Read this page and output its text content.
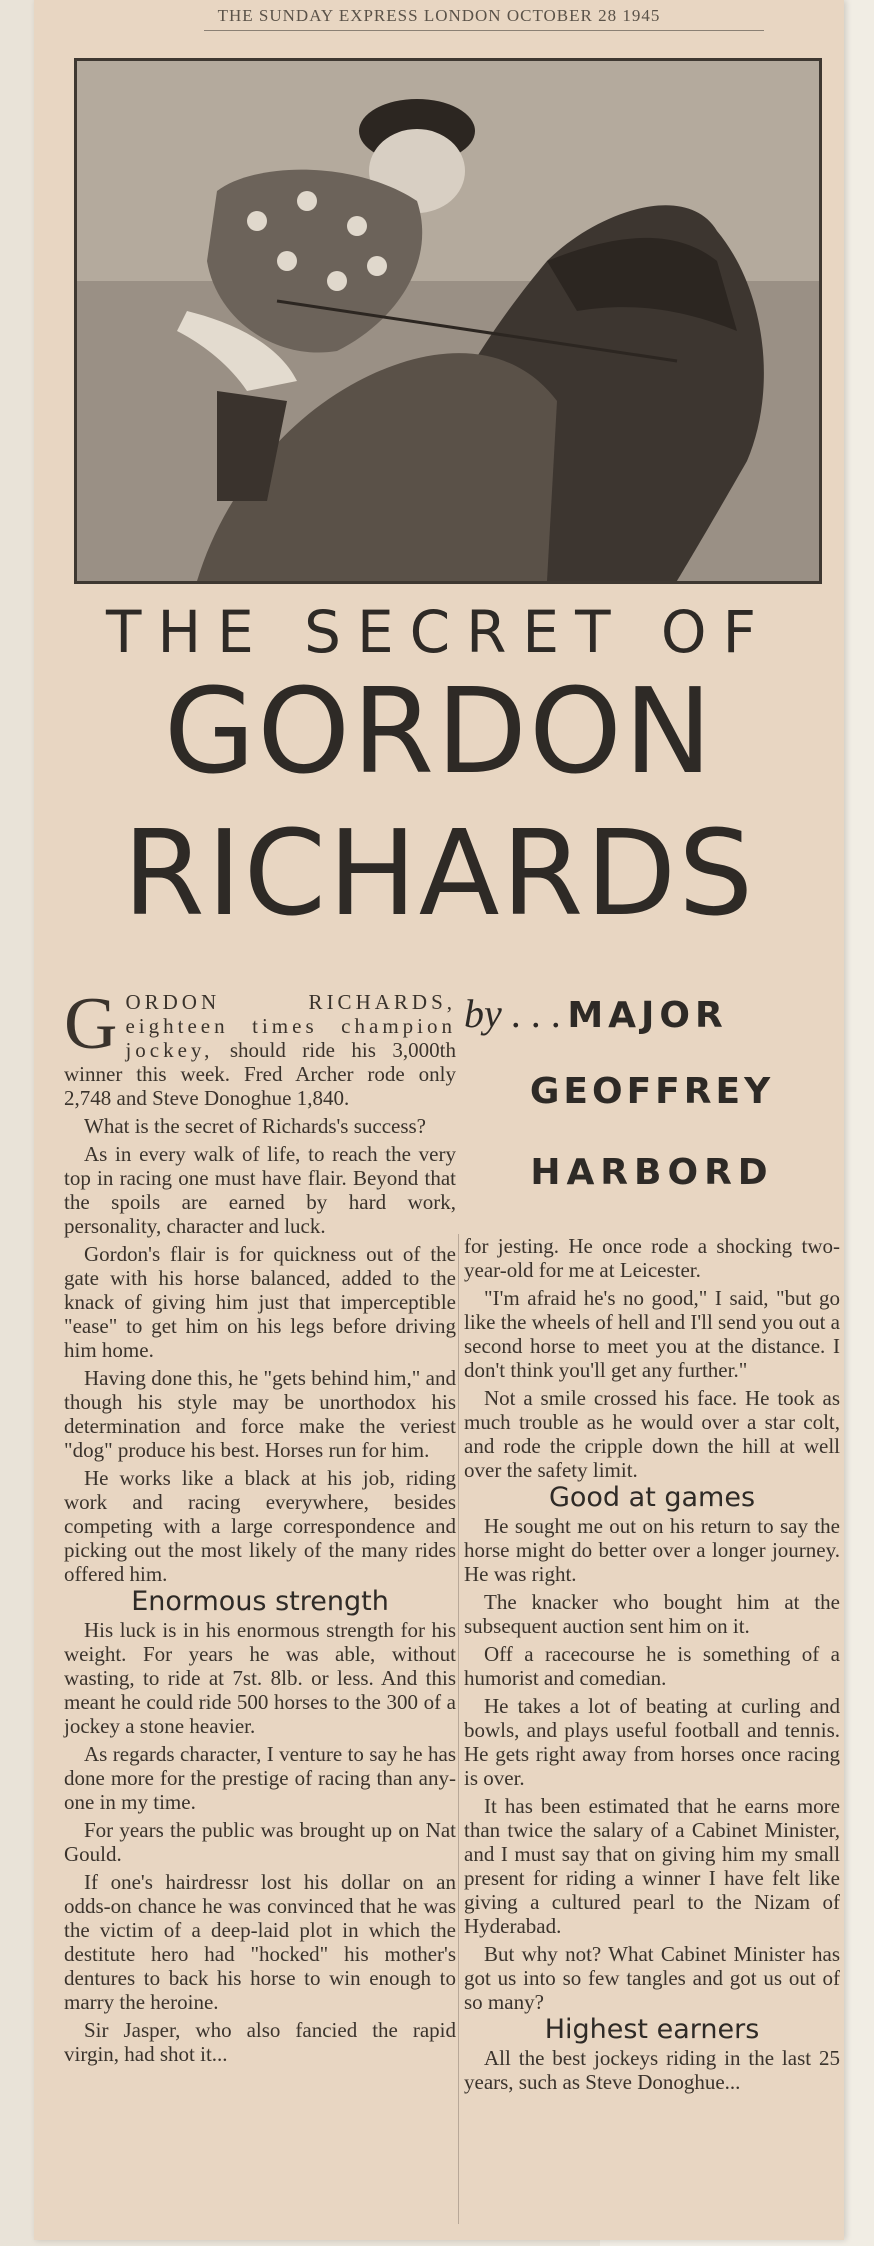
THE SUNDAY EXPRESS LONDON OCTOBER 28 1945
THE SECRET OF
GORDON
RICHARDS
by . . . MAJOR
GEOFFREY
HARBORD

G ORDON RICHARDS, eighteen times champion jockey, should ride his 3,000th winner this week. Fred Archer rode only 2,748 and Steve Donoghue 1,840.

What is the secret of Richards's success?

As in every walk of life, to reach the very top in racing one must have flair. Beyond that the spoils are earned by hard work, personality, character and luck.

Gordon's flair is for quickness out of the gate with his horse balanced, added to the knack of giving him just that imperceptible "ease" to get him on his legs before driving him home.

Having done this, he "gets behind him," and though his style may be unorthodox his determination and force make the veriest "dog" produce his best. Horses run for him.

He works like a black at his job, riding work and racing everywhere, besides competing with a large correspondence and picking out the most likely of the many rides offered him.

Enormous strength

His luck is in his enormous strength for his weight. For years he was able, without wasting, to ride at 7st. 8lb. or less. And this meant he could ride 500 horses to the 300 of a jockey a stone heavier.

As regards character, I venture to say he has done more for the prestige of racing than any-one in my time.

For years the public was brought up on Nat Gould.

If one's hairdressr lost his dollar on an odds-on chance he was convinced that he was the victim of a deep-laid plot in which the destitute hero had "hocked" his mother's dentures to back his horse to win enough to marry the heroine.

Sir Jasper, who also fancied the rapid virgin, had shot it...

for jesting. He once rode a shocking two-year-old for me at Leicester.

"I'm afraid he's no good," I said, "but go like the wheels of hell and I'll send you out a second horse to meet you at the distance. I don't think you'll get any further."

Not a smile crossed his face. He took as much trouble as he would over a star colt, and rode the cripple down the hill at well over the safety limit.

Good at games

He sought me out on his return to say the horse might do better over a longer journey. He was right.

The knacker who bought him at the subsequent auction sent him on it.

Off a racecourse he is something of a humorist and comedian.

He takes a lot of beating at curling and bowls, and plays useful football and tennis. He gets right away from horses once racing is over.

It has been estimated that he earns more than twice the salary of a Cabinet Minister, and I must say that on giving him my small present for riding a winner I have felt like giving a cultured pearl to the Nizam of Hyderabad.

But why not? What Cabinet Minister has got us into so few tangles and got us out of so many?

Highest earners

All the best jockeys riding in the last 25 years, such as Steve Donoghue...
